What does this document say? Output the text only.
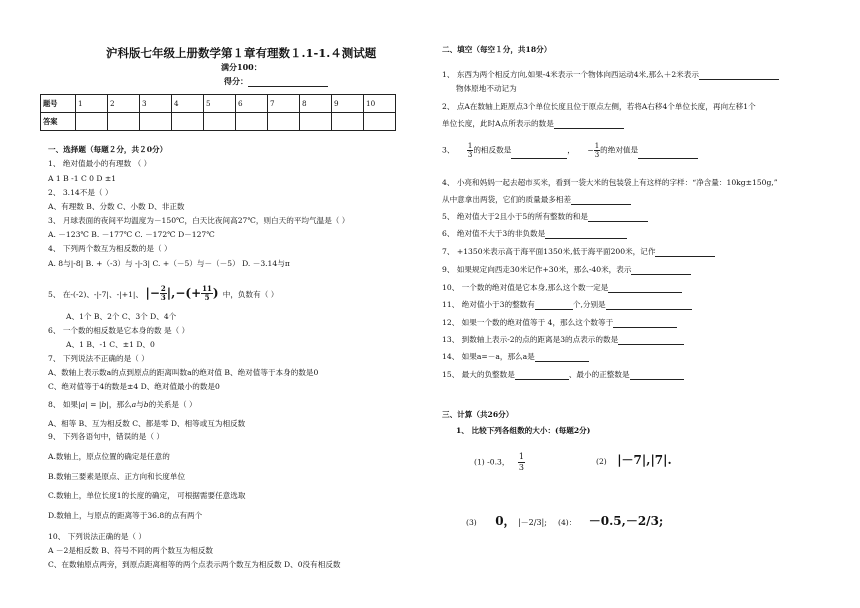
沪科版七年级上册数学第１章有理数１.1-1.４测试题
满分100：
得分：
题号	1	2	3	4	5	6	7	8	9	10
答案										
一、选择题（每题２分，共２0分）
1、 绝对值最小的有理数 （ ）
A 1 B -1 C 0 D ±1
2、 3.14不是（ ）
A、有理数 B、分数 C、小数 D、非正数
3、 月球表面的夜间平均温度为－150℃，白天比夜间高27℃，则白天的平均气温是（ ）
A. －123℃ B. －177℃ C. －172℃ D－127℃
4、 下列两个数互为相反数的是（ ）
A. 8与|-8| B. +（-3）与 -|-3| C. +（－5）与－（－5） D. －3.14与π
5、 在-(-2)、-|-7|、-|+1|、 |− $\frac{2}{3}$ |,−(+ $\frac{11}{5}$ ) 中，负数有（ ）
A、1个 B、2个 C、3个 D、4个
6、 一个数的相反数是它本身的数 是（ ）
A、1 B、-1 C、±1 D、0
7、 下列说法不正确的是（ ）
A、数轴上表示数a的点到原点的距离叫数a的绝对值 B、绝对值等于本身的数是0
C、绝对值等于4的数是±4 D、绝对值最小的数是0
8、 如果|a| = |b|，那么a与b的关系是（ ）
A、相等 B、互为相反数 C、都是零 D、相等或互为相反数
9、 下列各语句中，错误的是（ ）
A.数轴上，原点位置的确定是任意的
B.数轴三要素是原点、正方向和长度单位
C.数轴上，单位长度1的长度的确定， 可根据需要任意选取
D.数轴上，与原点的距离等于36.8的点有两个
10、 下列说法正确的是（ ）
A －2是相反数 B、符号不同的两个数互为相反数
C、在数轴原点两旁，到原点距离相等的两个点表示两个数互为相反数 D、0没有相反数
二、填空（每空１分，共18分）
1、 东西为两个相反方向,如果-4米表示一个物体向西运动4米,那么＋2米表示
物体原地不动记为
2、 点A在数轴上距原点3个单位长度且位于原点左侧，若将A右移4个单位长度，再向左移1个
单位长度，此时A点所表示的数是
3、 $\frac{1}{3}$ 的相反数是	， − $\frac{1}{3}$ 的绝对值是
4、 小亮和妈妈一起去超市买米，看到一袋大米的包装袋上有这样的字样：“净含量：10kg±150g,”
从中意拿出两袋，它们的质量最多相差
5、 绝对值大于2且小于5的所有整数的和是
6、 绝对值不大于3的非负数是
7、 +1350米表示高于海平面1350米,低于海平面200米，记作
9、 如果规定向西走30米记作+30米，那么-40米，表示
10、 一个数的绝对值是它本身,那么这个数一定是
11、 绝对值小于3的整数有	个,分别是
12、 如果一个数的绝对值等于 4，那么这个数等于
13、 到数轴上表示-2的点的距离是3的点表示的数是
14、 如果a=－a，那么a是
15、 最大的负整数是	、最小的正整数是
三、计算（共26分）
1、 比较下列各组数的大小：(每题2分)
(1) -0.3， $\frac{1}{3}$	(2) |－7|,|7|.
(3) 0， |－2/3|; (4)： －0.5,－2/3;
